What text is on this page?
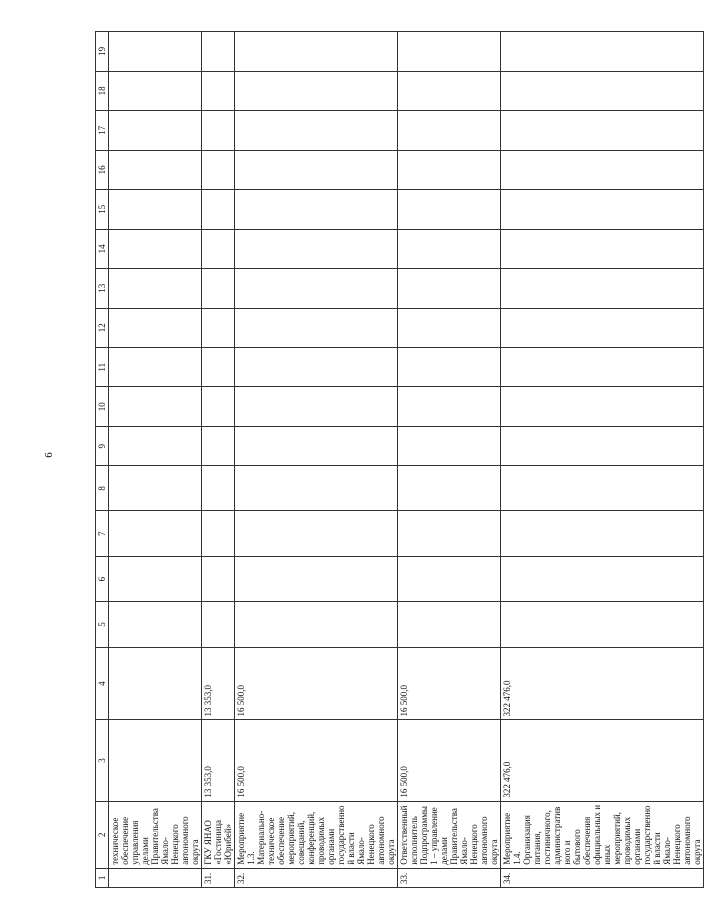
6
1	2	3	4	5	6	7	8	9	10	11	12	13	14	15	16	17	18	19
	техническое обеспечение управления делами Правительства Ямало-Ненецкого автономного округа																	
31.	ГКУ ЯНАО «Гостиница «Юрибей»	13 353,0	13 353,0															
32.	Мероприятие 1.3. Материально-техническое обеспечение мероприятий, совещаний, конференций, проводимых органами государственной власти Ямало-Ненецкого автономного округа	16 500,0	16 500,0															
33.	Ответственный исполнитель Подпрограммы 1 – управление делами Правительства Ямало-Ненецкого автономного округа	16 500,0	16 500,0															
34.	Мероприятие 1.4. Организация питания, гостиничного, административного и бытового обеспечения официальных и иных мероприятий, проводимых органами государственной власти Ямало-Ненецкого автономного округа	322 476,0	322 476,0															
